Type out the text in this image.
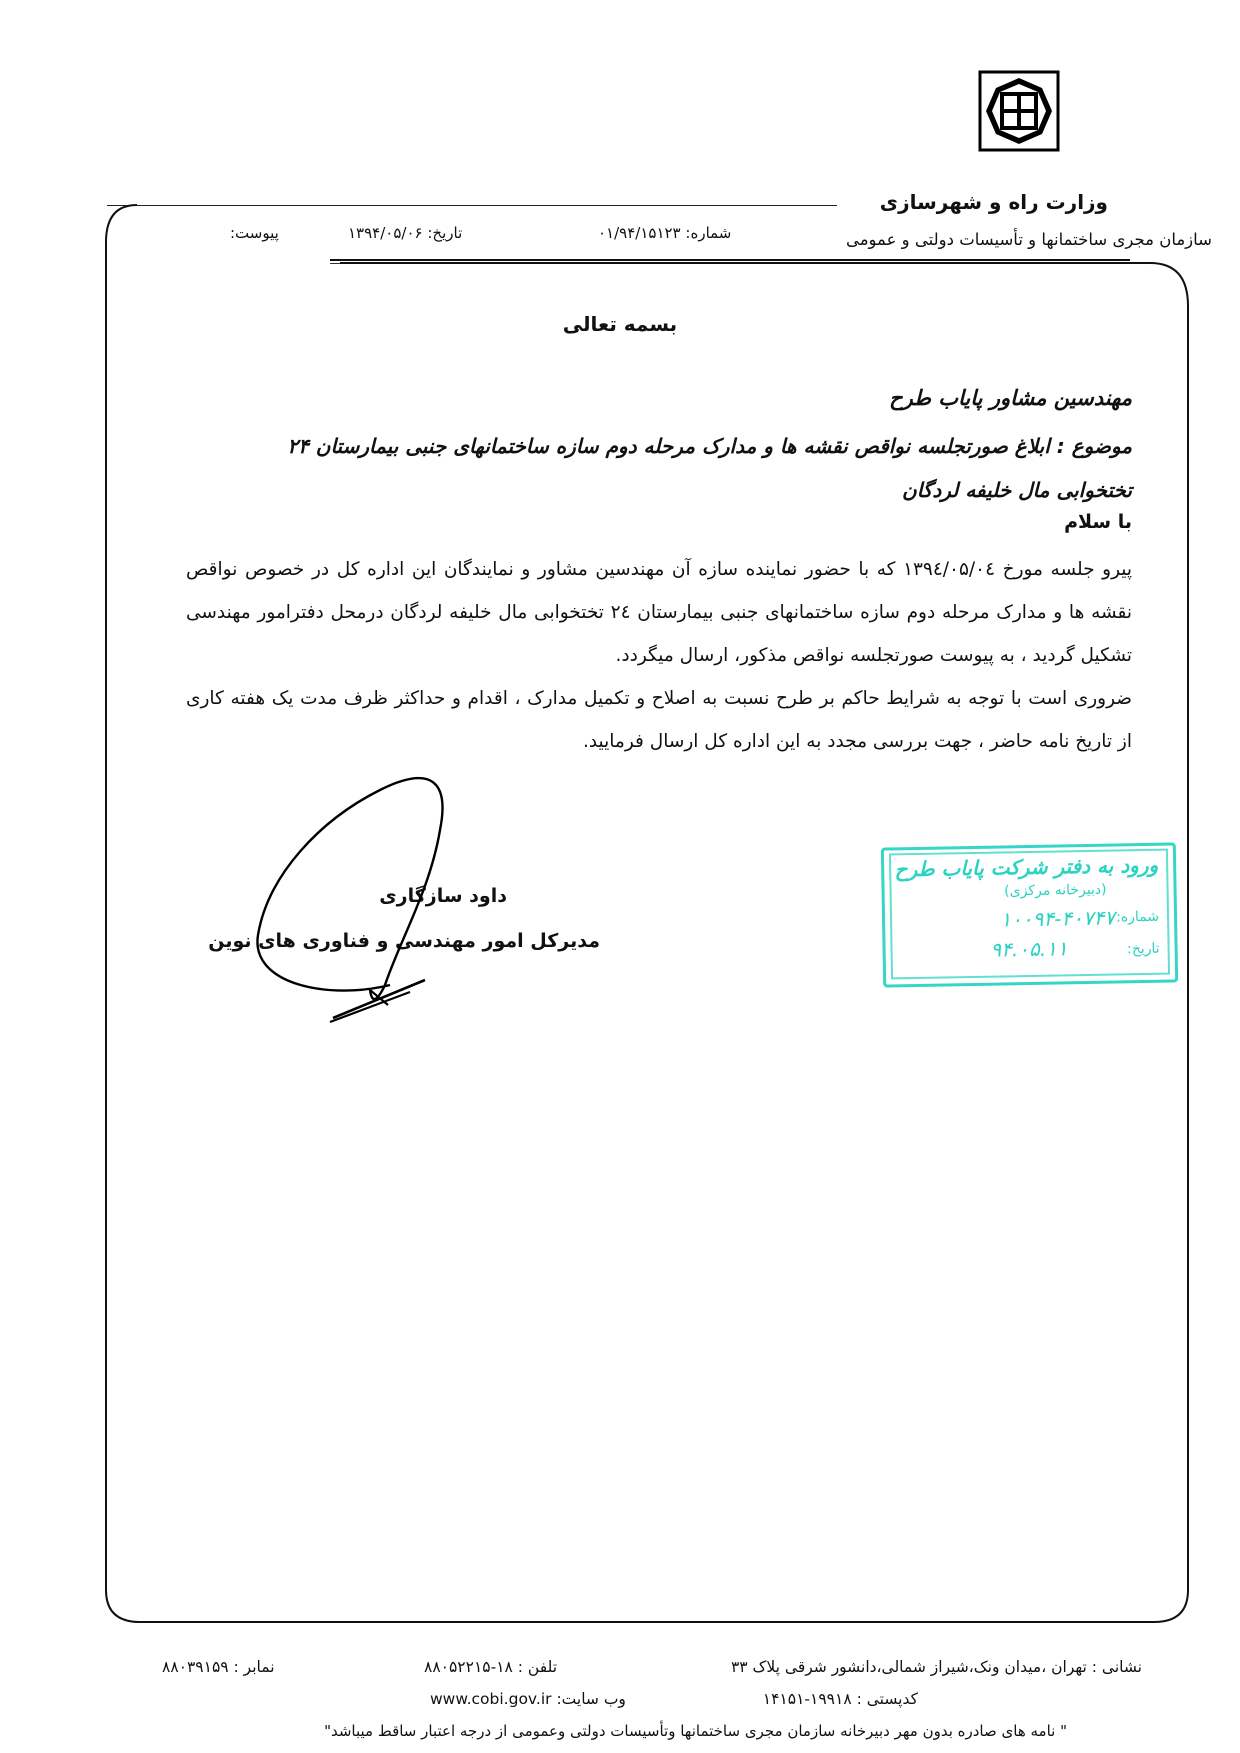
وزارت راه و شهرسازی
سازمان مجری ساختمانها و تأسیسات دولتی و عمومی
شماره: ۰۱/۹۴/۱۵۱۲۳
تاریخ: ۱۳۹۴/۰۵/۰۶
پیوست:
بسمه تعالی
مهندسین مشاور پایاب طرح
موضوع : ابلاغ صورتجلسه نواقص نقشه ها و مدارک مرحله دوم سازه ساختمانهای جنبی بیمارستان ۲۴ تختخوابی مال خلیفه لردگان
با سلام
پیرو جلسه مورخ ۱۳۹٤/۰۵/۰٤ که با حضور نماینده سازه آن مهندسین مشاور و نمایندگان این اداره کل در خصوص نواقص نقشه ها و مدارک مرحله دوم سازه ساختمانهای جنبی بیمارستان ۲٤ تختخوابی مال خلیفه لردگان درمحل دفترامور مهندسی تشکیل گردید ، به پیوست صورتجلسه نواقص مذکور، ارسال میگردد.
ضروری است با توجه به شرایط حاکم بر طرح نسبت به اصلاح و تکمیل مدارک ، اقدام و حداکثر ظرف مدت یک هفته کاری از تاریخ نامه حاضر ، جهت بررسی مجدد به این اداره کل ارسال فرمایید.
داود سازگاری
مدیرکل امور مهندسی و فناوری های نوین
ورود به دفتر شرکت پایاب طرح
(دبیرخانه مرکزی)
شماره:
۱۰۰۹۴-۴۰۷۴۷
تاریخ:
۹۴.۰۵.۱۱
نشانی : تهران ،میدان ونک،شیراز شمالی،دانشور شرقی پلاک ۳۳
تلفن : ۱۸-۸۸۰۵۲۲۱۵
نمابر : ۸۸۰۳۹۱۵۹
کدپستی : ۱۹۹۱۸-۱۴۱۵۱
وب سایت: www.cobi.gov.ir
" نامه های صادره بدون مهر دبیرخانه سازمان مجری ساختمانها وتأسیسات دولتی وعمومی از درجه اعتبار ساقط میباشد"
